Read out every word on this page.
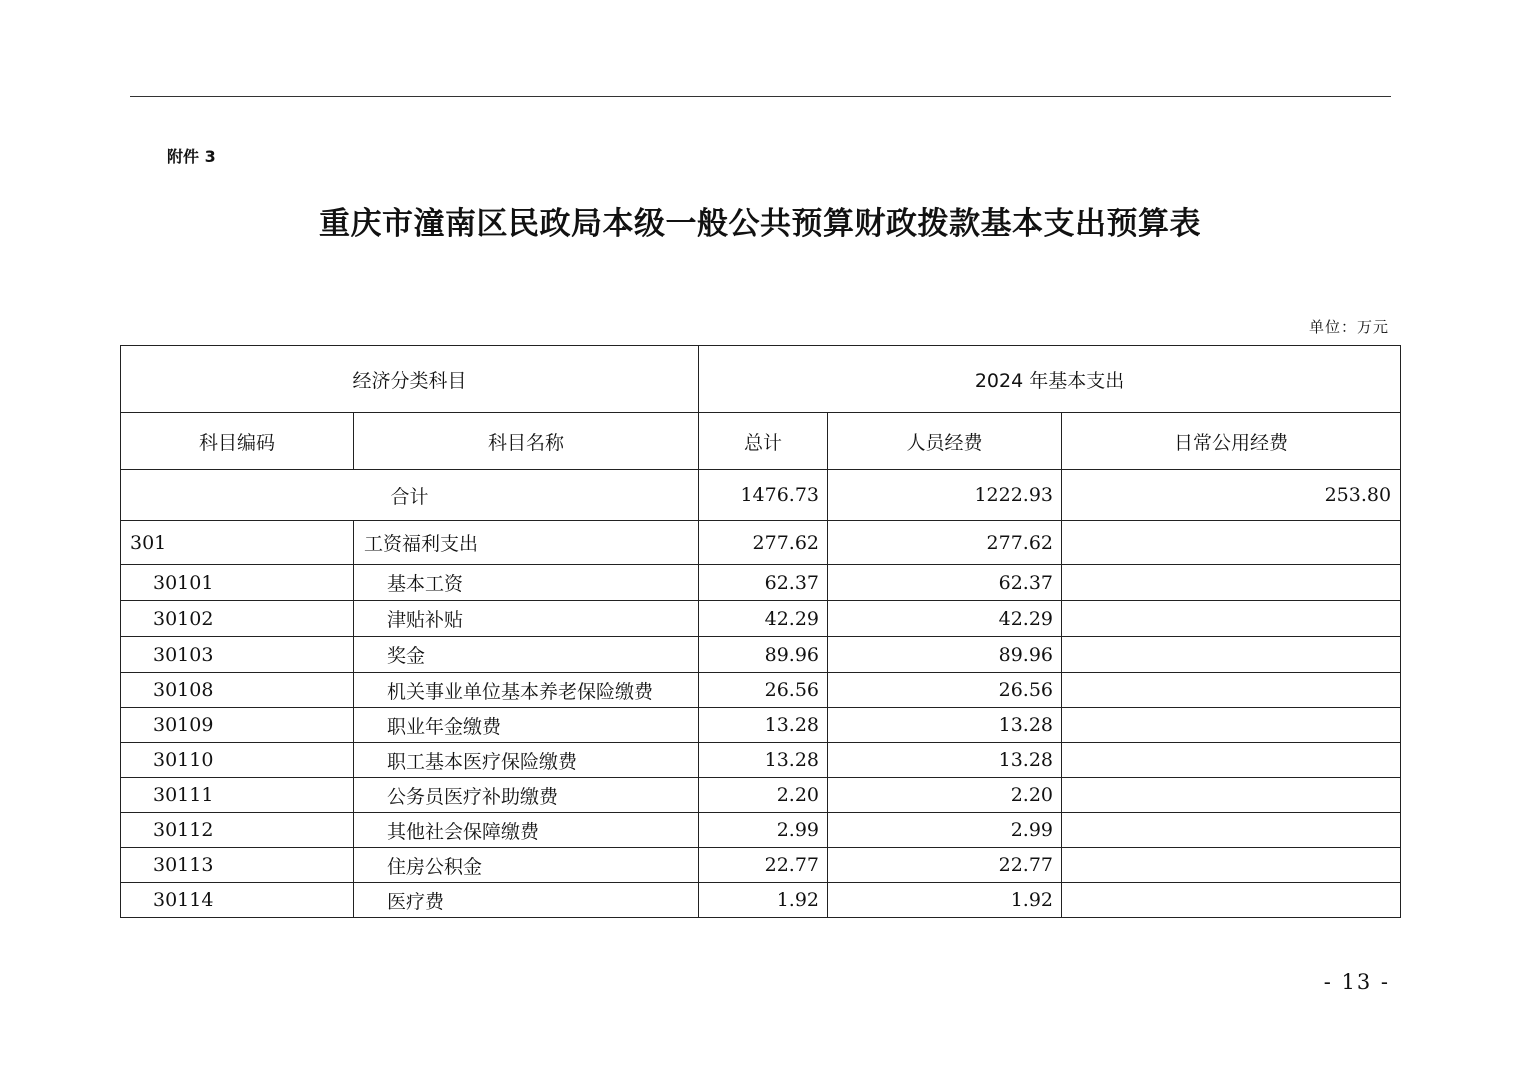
附件 3
重庆市潼南区民政局本级一般公共预算财政拨款基本支出预算表
单位：万元
经济分类科目		2024 年基本支出		
科目编码	科目名称	总计	人员经费	日常公用经费
合计		1476.73	1222.93	253.80
301	工资福利支出	277.62	277.62	
30101	基本工资	62.37	62.37	
30102	津贴补贴	42.29	42.29	
30103	奖金	89.96	89.96	
30108	机关事业单位基本养老保险缴费	26.56	26.56	
30109	职业年金缴费	13.28	13.28	
30110	职工基本医疗保险缴费	13.28	13.28	
30111	公务员医疗补助缴费	2.20	2.20	
30112	其他社会保障缴费	2.99	2.99	
30113	住房公积金	22.77	22.77	
30114	医疗费	1.92	1.92	
- 13 -
